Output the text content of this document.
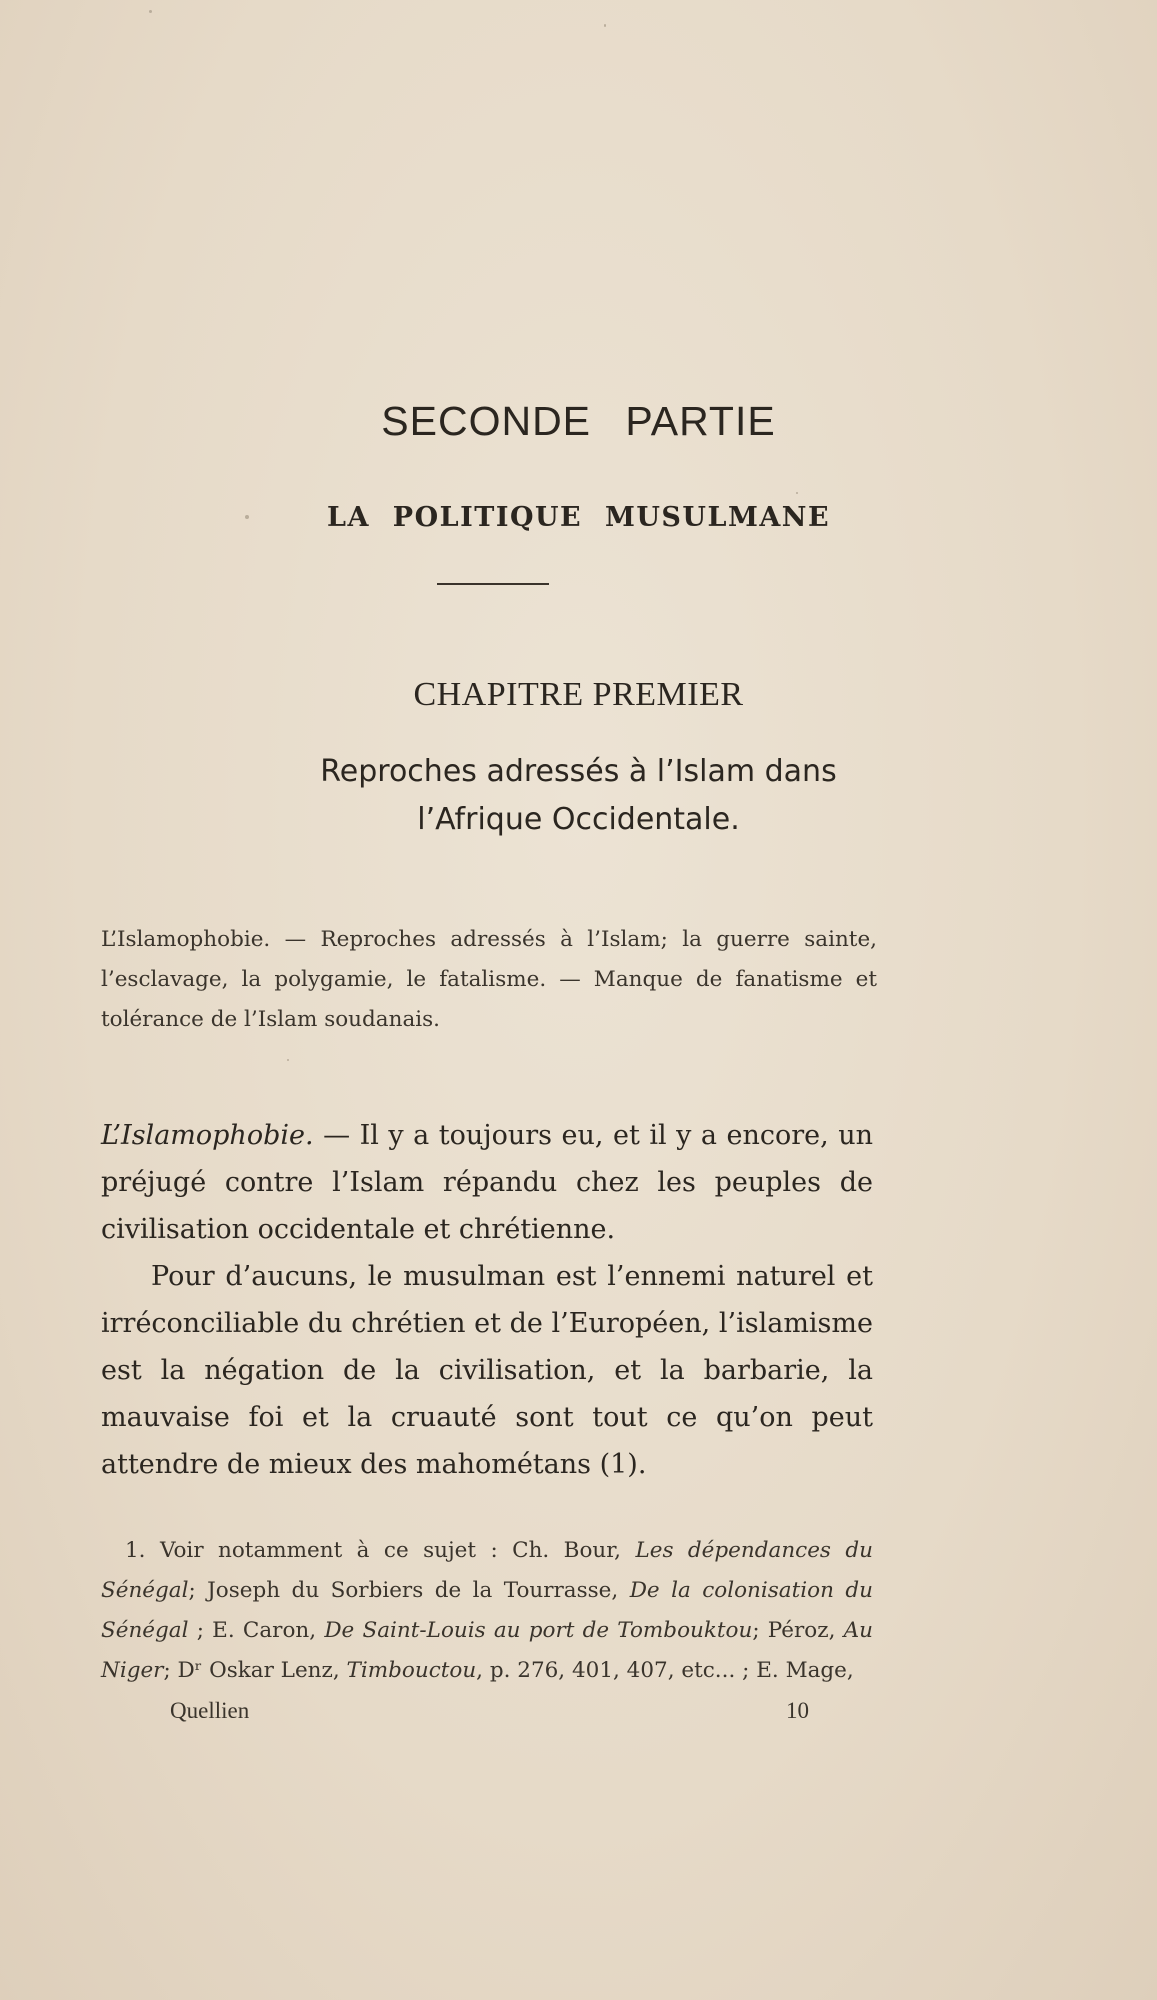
SECONDE PARTIE
LA POLITIQUE MUSULMANE
CHAPITRE PREMIER
Reproches adressés à l’Islam dans
l’Afrique Occidentale.
L’Islamophobie. — Reproches adressés à l’Islam; la guerre sainte, l’esclavage, la polygamie, le fatalisme. — Manque de fanatisme et tolérance de l’Islam soudanais.

L’Islamophobie. — Il y a toujours eu, et il y a encore, un préjugé contre l’Islam répandu chez les peuples de civilisation occidentale et chrétienne.

Pour d’aucuns, le musulman est l’ennemi naturel et irréconciliable du chrétien et de l’Européen, l’islamisme est la négation de la civilisation, et la barbarie, la mauvaise foi et la cruauté sont tout ce qu’on peut attendre de mieux des mahométans (1).

1. Voir notamment à ce sujet : Ch. Bour, Les dépendances du Sénégal; Joseph du Sorbiers de la Tourrasse, De la colonisation du Sénégal ; E. Caron, De Saint-Louis au port de Tombouktou; Péroz, Au Niger; Dʳ Oskar Lenz, Timbouctou, p. 276, 401, 407, etc... ; E. Mage,
Quellien	10
